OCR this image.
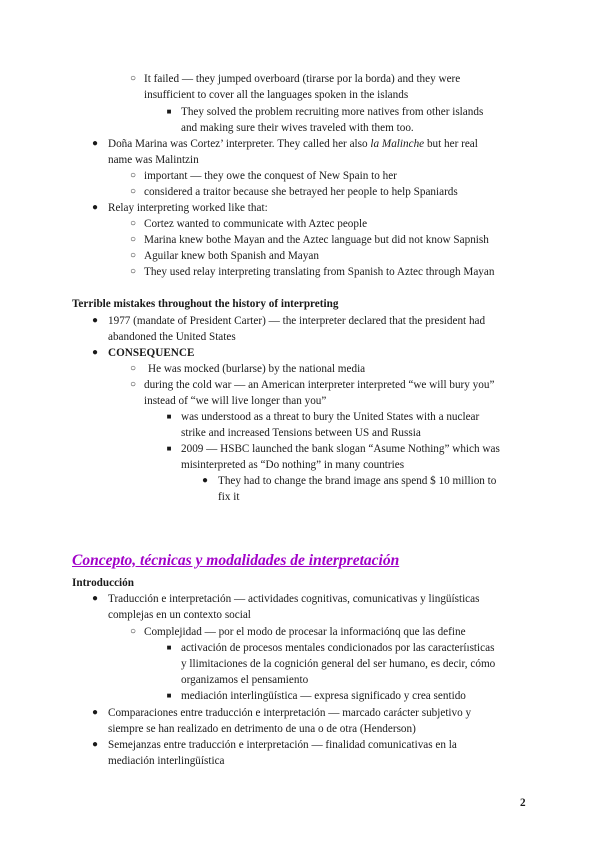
○ It failed — they jumped overboard (tirarse por la borda) and they were
insufficient to cover all the languages spoken in the islands
■ They solved the problem recruiting more natives from other islands
and making sure their wives traveled with them too.
● Doña Marina was Cortez’ interpreter. They called her also la Malinche but her real
name was Malintzin
○ important — they owe the conquest of New Spain to her
○ considered a traitor because she betrayed her people to help Spaniards
● Relay interpreting worked like that:
○ Cortez wanted to communicate with Aztec people
○ Marina knew bothe Mayan and the Aztec language but did not know Sapnish
○ Aguilar knew both Spanish and Mayan
○ They used relay interpreting translating from Spanish to Aztec through Mayan
Terrible mistakes throughout the history of interpreting
● 1977 (mandate of President Carter) — the interpreter declared that the president had
abandoned the United States
● CONSEQUENCE
○	He was mocked (burlarse) by the national media
○ during the cold war — an American interpreter interpreted “we will bury you”
instead of “we will live longer than you”
■ was understood as a threat to bury the United States with a nuclear
strike and increased Tensions between US and Russia
■ 2009 — HSBC launched the bank slogan “Asume Nothing” which was
misinterpreted as “Do nothing” in many countries
● They had to change the brand image ans spend $ 10 million to
fix it
Concepto, técnicas y modalidades de interpretación
Introducción
● Traducción e interpretación — actividades cognitivas, comunicativas y lingüísticas
complejas en un contexto social
○ Complejidad — por el modo de procesar la informaciónq que las define
■ activación de procesos mentales condicionados por las caracteríısticas
y llimitaciones de la cognición general del ser humano, es decir, cómo
organizamos el pensamiento
■ mediación interlingüística — expresa significado y crea sentido
● Comparaciones entre traducción e interpretación — marcado carácter subjetivo y
siempre se han realizado en detrimento de una o de otra (Henderson)
● Semejanzas entre traducción e interpretación — finalidad comunicativas en la
mediación interlingüística
2
